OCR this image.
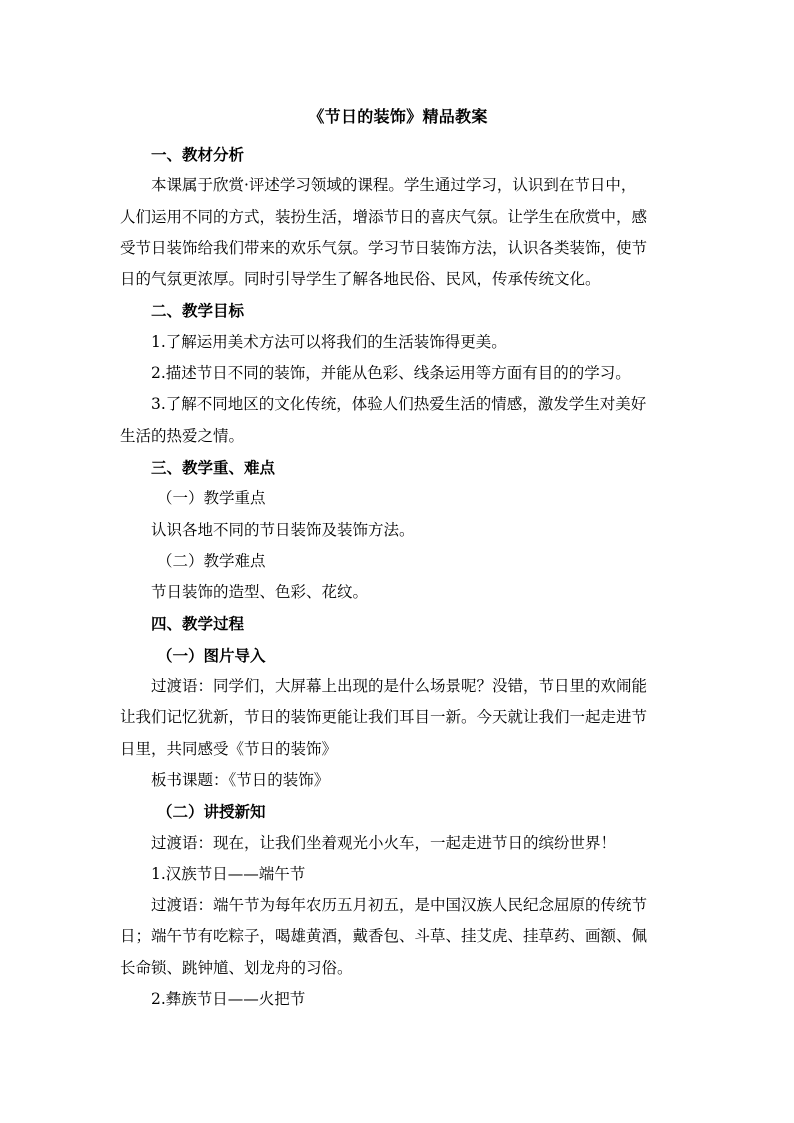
《节日的装饰》精品教案

一、教材分析

本课属于欣赏·评述学习领域的课程。学生通过学习，认识到在节日中，
人们运用不同的方式，装扮生活，增添节日的喜庆气氛。让学生在欣赏中，感
受节日装饰给我们带来的欢乐气氛。学习节日装饰方法，认识各类装饰，使节
日的气氛更浓厚。同时引导学生了解各地民俗、民风，传承传统文化。

二、教学目标

1.了解运用美术方法可以将我们的生活装饰得更美。

2.描述节日不同的装饰，并能从色彩、线条运用等方面有目的的学习。

3.了解不同地区的文化传统，体验人们热爱生活的情感，激发学生对美好
生活的热爱之情。

三、教学重、难点

（一）教学重点

认识各地不同的节日装饰及装饰方法。

（二）教学难点

节日装饰的造型、色彩、花纹。

四、教学过程

（一）图片导入

过渡语：同学们，大屏幕上出现的是什么场景呢？没错，节日里的欢闹能
让我们记忆犹新，节日的装饰更能让我们耳目一新。今天就让我们一起走进节
日里，共同感受《节日的装饰》

板书课题：《节日的装饰》

（二）讲授新知

过渡语：现在，让我们坐着观光小火车，一起走进节日的缤纷世界！

1.汉族节日——端午节

过渡语：端午节为每年农历五月初五，是中国汉族人民纪念屈原的传统节
日；端午节有吃粽子，喝雄黄酒，戴香包、斗草、挂艾虎、挂草药、画额、佩
长命锁、跳钟馗、划龙舟的习俗。

2.彝族节日——火把节
